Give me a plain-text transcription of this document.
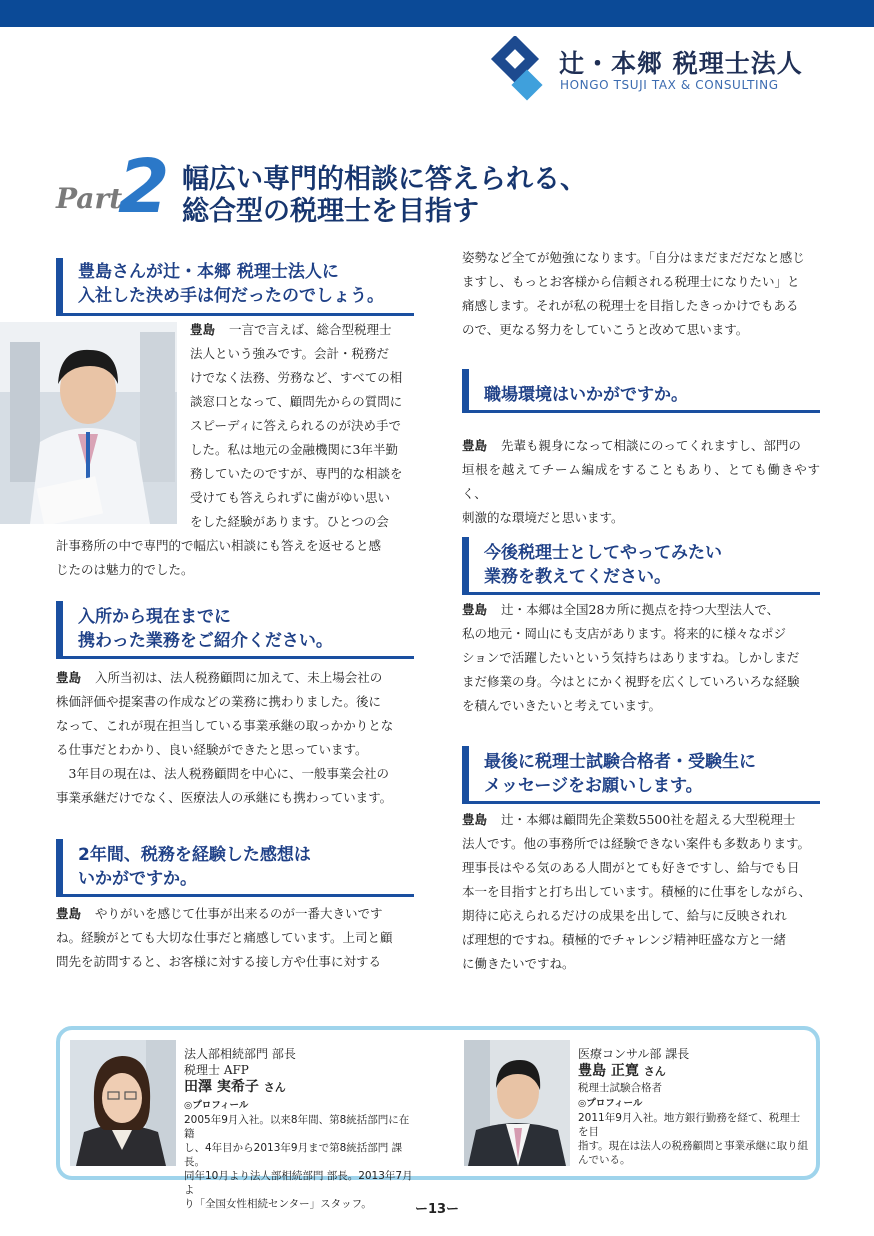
辻・本郷 税理士法人
HONGO TSUJI TAX & CONSULTING
Part
2 幅広い専門的相談に答えられる、
総合型の税理士を目指す
豊島さんが辻・本郷 税理士法人に
入社した決め手は何だったのでしょう。
豊島 一言で言えば、総合型税理士
法人という強みです。会計・税務だ
けでなく法務、労務など、すべての相
談窓口となって、顧問先からの質問に
スピーディに答えられるのが決め手で
した。私は地元の金融機関に3年半勤
務していたのですが、専門的な相談を
受けても答えられずに歯がゆい思い
をした経験があります。ひとつの会
計事務所の中で専門的で幅広い相談にも答えを返せると感
じたのは魅力的でした。
入所から現在までに
携わった業務をご紹介ください。
豊島 入所当初は、法人税務顧問に加えて、未上場会社の
株価評価や提案書の作成などの業務に携わりました。後に
なって、これが現在担当している事業承継の取っかかりとな
る仕事だとわかり、良い経験ができたと思っています。
　3年目の現在は、法人税務顧問を中心に、一般事業会社の
事業承継だけでなく、医療法人の承継にも携わっています。
2年間、税務を経験した感想は
いかがですか。
豊島 やりがいを感じて仕事が出来るのが一番大きいです
ね。経験がとても大切な仕事だと痛感しています。上司と顧
問先を訪問すると、お客様に対する接し方や仕事に対する
姿勢など全てが勉強になります。「自分はまだまだだなと感じ
ますし、もっとお客様から信頼される税理士になりたい」と
痛感します。それが私の税理士を目指したきっかけでもある
ので、更なる努力をしていこうと改めて思います。
職場環境はいかがですか。
豊島 先輩も親身になって相談にのってくれますし、部門の
垣根を越えてチーム編成をすることもあり、とても働きやすく、
刺激的な環境だと思います。
今後税理士としてやってみたい
業務を教えてください。
豊島 辻・本郷は全国28カ所に拠点を持つ大型法人で、
私の地元・岡山にも支店があります。将来的に様々なポジ
ションで活躍したいという気持ちはありますね。しかしまだ
まだ修業の身。今はとにかく視野を広くしていろいろな経験
を積んでいきたいと考えています。
最後に税理士試験合格者・受験生に
メッセージをお願いします。
豊島 辻・本郷は顧問先企業数5500社を超える大型税理士
法人です。他の事務所では経験できない案件も多数あります。
理事長はやる気のある人間がとても好きですし、給与でも日
本一を目指すと打ち出しています。積極的に仕事をしながら、
期待に応えられるだけの成果を出して、給与に反映されれ
ば理想的ですね。積極的でチャレンジ精神旺盛な方と一緒
に働きたいですね。
法人部相続部門 部長
税理士 AFP
田澤 実希子 さん
◎プロフィール
2005年9月入社。以来8年間、第8統括部門に在籍
し、4年目から2013年9月まで第8統括部門 課長。
同年10月より法人部相続部門 部長。2013年7月よ
り「全国女性相続センター」スタッフ。
医療コンサル部 課長
豊島 正寛 さん
税理士試験合格者
◎プロフィール
2011年9月入社。地方銀行勤務を経て、税理士を目
指す。現在は法人の税務顧問と事業承継に取り組
んでいる。
ー13ー
